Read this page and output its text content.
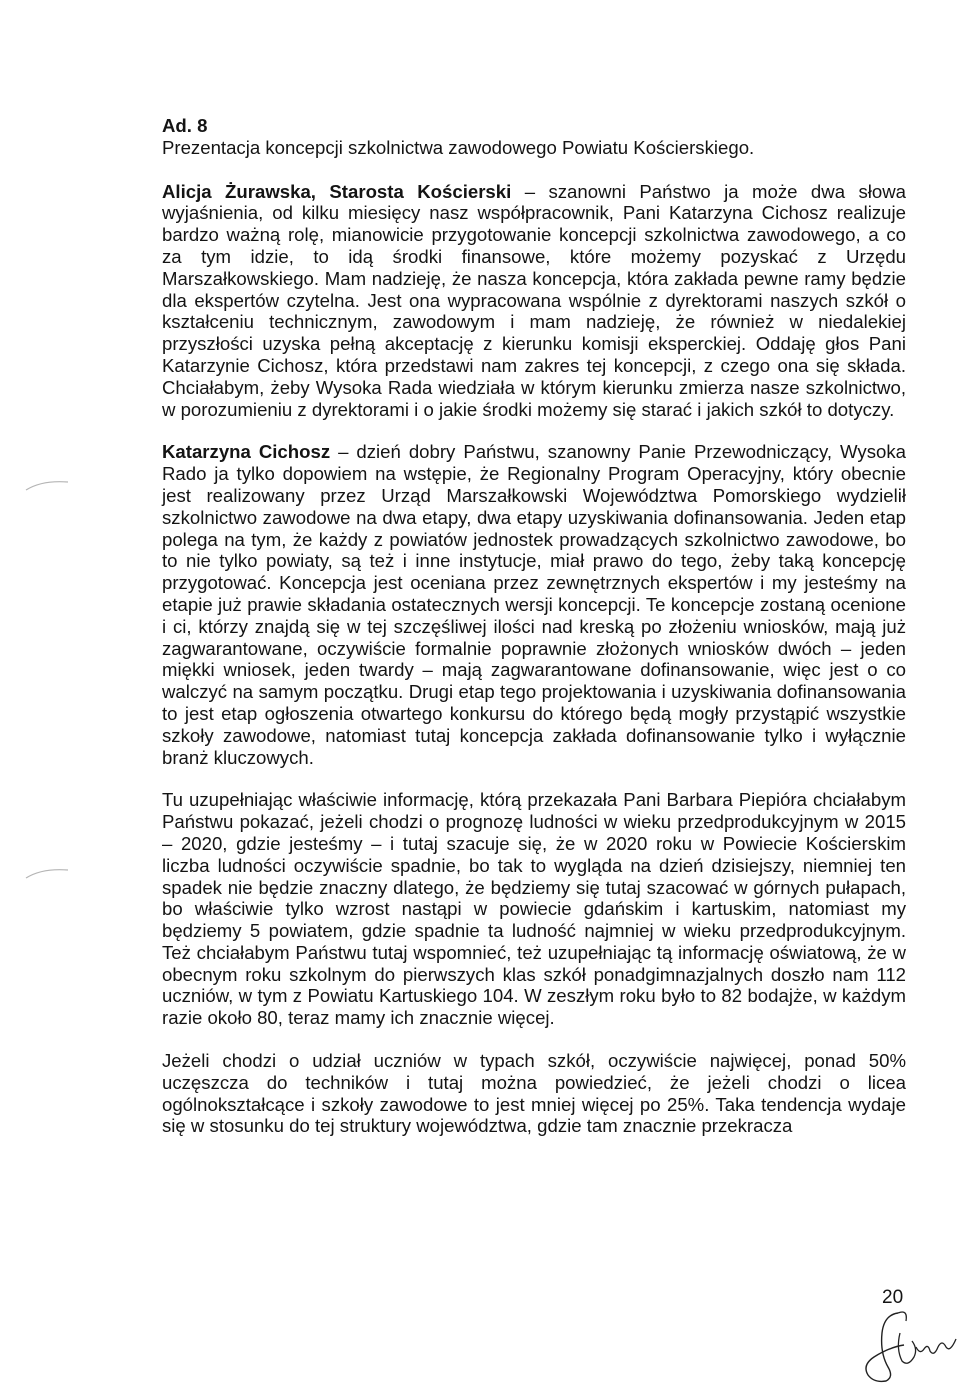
Ad. 8
Prezentacja koncepcji szkolnictwa zawodowego Powiatu Kościerskiego.

Alicja Żurawska, Starosta Kościerski – szanowni Państwo ja może dwa słowa wyjaśnienia, od kilku miesięcy nasz współpracownik, Pani Katarzyna Cichosz realizuje bardzo ważną rolę, mianowicie przygotowanie koncepcji szkolnictwa zawodowego, a co za tym idzie, to idą środki finansowe, które możemy pozyskać z Urzędu Marszałkowskiego. Mam nadzieję, że nasza koncepcja, która zakłada pewne ramy będzie dla ekspertów czytelna. Jest ona wypracowana wspólnie z dyrektorami naszych szkół o kształceniu technicznym, zawodowym i mam nadzieję, że również w niedalekiej przyszłości uzyska pełną akceptację z kierunku komisji eksperckiej. Oddaję głos Pani Katarzynie Cichosz, która przedstawi nam zakres tej koncepcji, z czego ona się składa. Chciałabym, żeby Wysoka Rada wiedziała w którym kierunku zmierza nasze szkolnictwo, w porozumieniu z dyrektorami i o jakie środki możemy się starać i jakich szkół to dotyczy.

Katarzyna Cichosz – dzień dobry Państwu, szanowny Panie Przewodniczący, Wysoka Rado ja tylko dopowiem na wstępie, że Regionalny Program Operacyjny, który obecnie jest realizowany przez Urząd Marszałkowski Województwa Pomorskiego wydzielił szkolnictwo zawodowe na dwa etapy, dwa etapy uzyskiwania dofinansowania. Jeden etap polega na tym, że każdy z powiatów jednostek prowadzących szkolnictwo zawodowe, bo to nie tylko powiaty, są też i inne instytucje, miał prawo do tego, żeby taką koncepcję przygotować. Koncepcja jest oceniana przez zewnętrznych ekspertów i my jesteśmy na etapie już prawie składania ostatecznych wersji koncepcji. Te koncepcje zostaną ocenione i ci, którzy znajdą się w tej szczęśliwej ilości nad kreską po złożeniu wniosków, mają już zagwarantowane, oczywiście formalnie poprawnie złożonych wniosków dwóch – jeden miękki wniosek, jeden twardy – mają zagwarantowane dofinansowanie, więc jest o co walczyć na samym początku. Drugi etap tego projektowania i uzyskiwania dofinansowania to jest etap ogłoszenia otwartego konkursu do którego będą mogły przystąpić wszystkie szkoły zawodowe, natomiast tutaj koncepcja zakłada dofinansowanie tylko i wyłącznie branż kluczowych.

Tu uzupełniając właściwie informację, którą przekazała Pani Barbara Piepióra chciałabym Państwu pokazać, jeżeli chodzi o prognozę ludności w wieku przedprodukcyjnym w 2015 – 2020, gdzie jesteśmy – i tutaj szacuje się, że w 2020 roku w Powiecie Kościerskim liczba ludności oczywiście spadnie, bo tak to wygląda na dzień dzisiejszy, niemniej ten spadek nie będzie znaczny dlatego, że będziemy się tutaj szacować w górnych pułapach, bo właściwie tylko wzrost nastąpi w powiecie gdańskim i kartuskim, natomiast my będziemy 5 powiatem, gdzie spadnie ta ludność najmniej w wieku przedprodukcyjnym. Też chciałabym Państwu tutaj wspomnieć, też uzupełniając tą informację oświatową, że w obecnym roku szkolnym do pierwszych klas szkół ponadgimnazjalnych doszło nam 112 uczniów, w tym z Powiatu Kartuskiego 104. W zeszłym roku było to 82 bodajże, w każdym razie około 80, teraz mamy ich znacznie więcej.

Jeżeli chodzi o udział uczniów w typach szkół, oczywiście najwięcej, ponad 50% uczęszcza do techników i tutaj można powiedzieć, że jeżeli chodzi o licea ogólnokształcące i szkoły zawodowe to jest mniej więcej po 25%. Taka tendencja wydaje się w stosunku do tej struktury województwa, gdzie tam znacznie przekracza

20
